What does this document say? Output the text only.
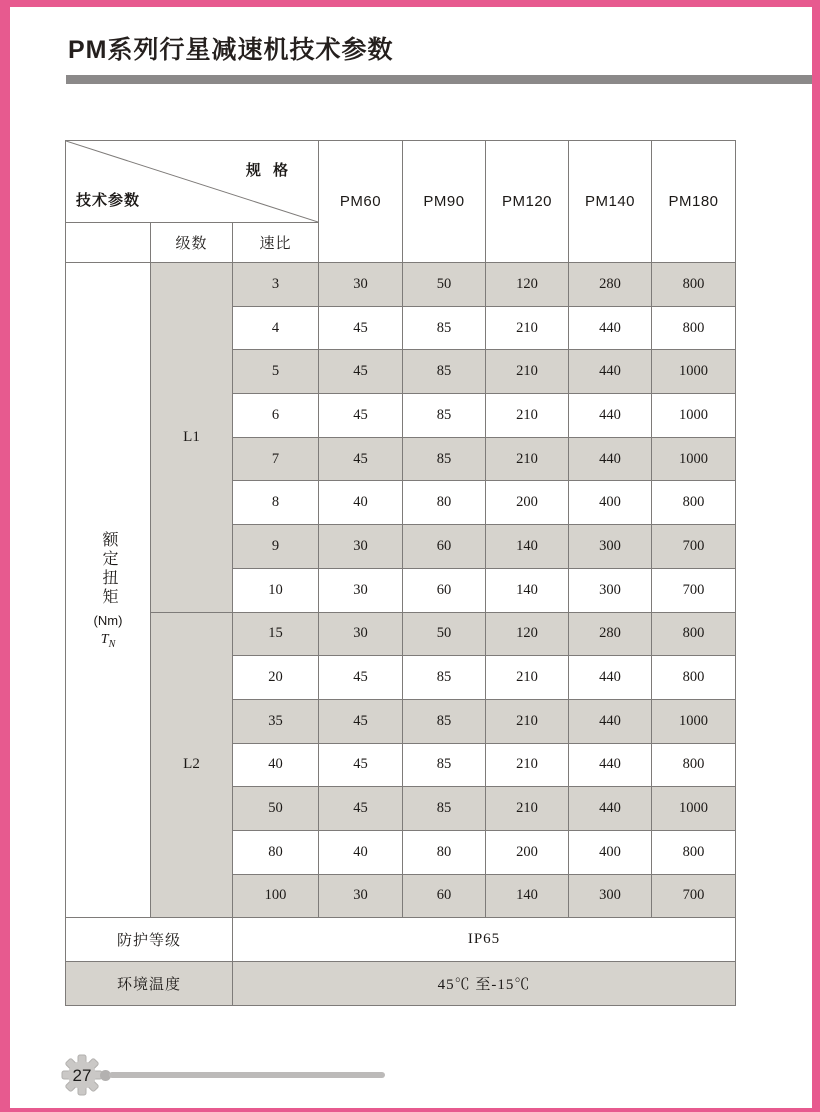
PM系列行星减速机技术参数
规 格
技术参数			PM60	PM90	PM120	PM140	PM180
	级数	速比					

额定扭矩
(Nm)
$T_N$	L1	3	30	50	120	280	800
		4	45	85	210	440	800
		5	45	85	210	440	1000
		6	45	85	210	440	1000
		7	45	85	210	440	1000
		8	40	80	200	400	800
		9	30	60	140	300	700
		10	30	60	140	300	700
	L2	15	30	50	120	280	800
		20	45	85	210	440	800
		35	45	85	210	440	1000
		40	45	85	210	440	800
		50	45	85	210	440	1000
		80	40	80	200	400	800
		100	30	60	140	300	700
防护等级		IP65					
环境温度		45℃ 至-15℃					
27
